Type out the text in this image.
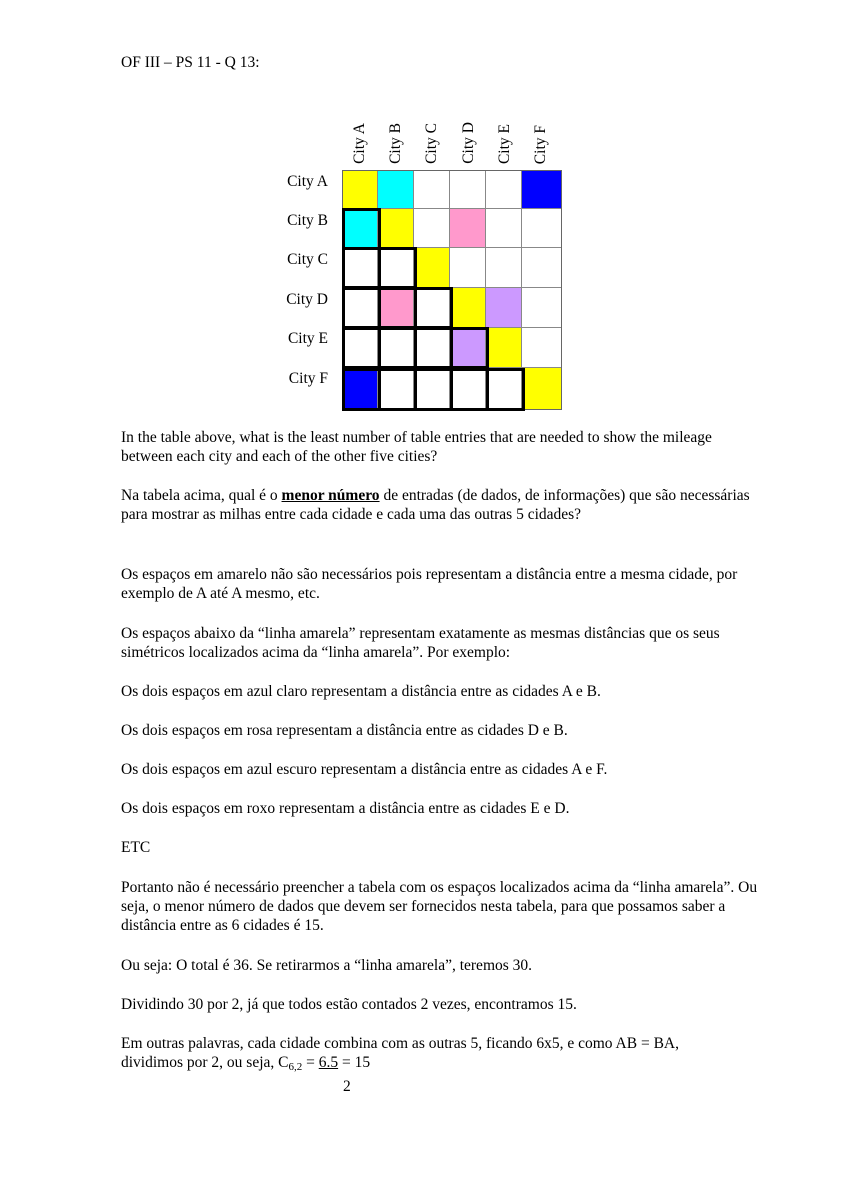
OF III – PS 11 - Q 13:
City A City B City C City D City E City F
City A
City B
City C
City D
City E
City F
In the table above, what is the least number of table entries that are needed to show the mileage between each city and each of the other five cities?
Na tabela acima, qual é o menor número de entradas (de dados, de informações) que são necessárias para mostrar as milhas entre cada cidade e cada uma das outras 5 cidades?
Os espaços em amarelo não são necessários pois representam a distância entre a mesma cidade, por exemplo de A até A mesmo, etc.
Os espaços abaixo da “linha amarela” representam exatamente as mesmas distâncias que os seus simétricos localizados acima da “linha amarela”. Por exemplo:
Os dois espaços em azul claro representam a distância entre as cidades A e B.
Os dois espaços em rosa representam a distância entre as cidades D e B.
Os dois espaços em azul escuro representam a distância entre as cidades A e F.
Os dois espaços em roxo representam a distância entre as cidades E e D.
ETC
Portanto não é necessário preencher a tabela com os espaços localizados acima da “linha amarela”. Ou seja, o menor número de dados que devem ser fornecidos nesta tabela, para que possamos saber a distância entre as 6 cidades é 15.
Ou seja: O total é 36. Se retirarmos a “linha amarela”, teremos 30.
Dividindo 30 por 2, já que todos estão contados 2 vezes, encontramos 15.
Em outras palavras, cada cidade combina com as outras 5, ficando 6x5, e como AB = BA,
dividimos por 2, ou seja, $C_{6,2} = 6.5 = 15$
2
